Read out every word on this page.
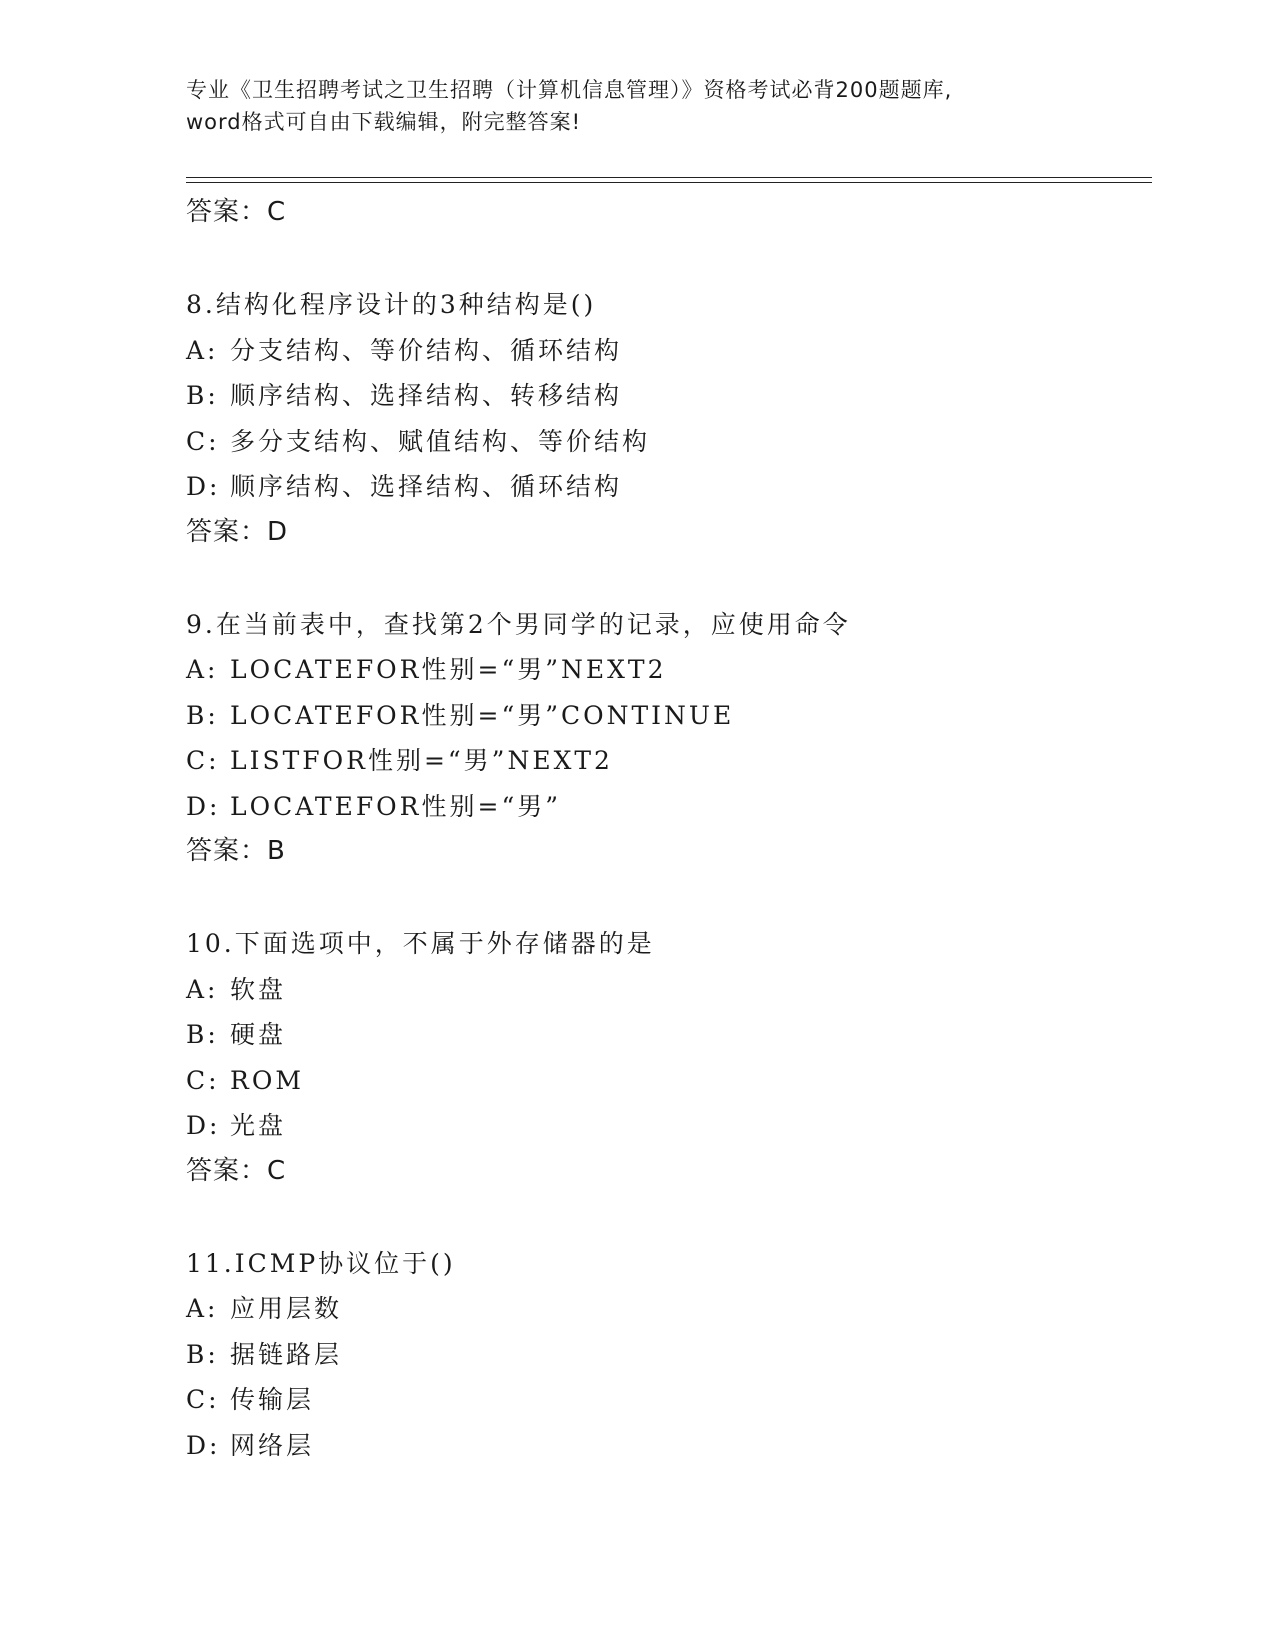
专业《卫生招聘考试之卫生招聘（计算机信息管理）》资格考试必背200题题库,
word格式可自由下载编辑，附完整答案!
答案：C
8.结构化程序设计的3种结构是()
A: 分支结构、等价结构、循环结构
B: 顺序结构、选择结构、转移结构
C: 多分支结构、赋值结构、等价结构
D: 顺序结构、选择结构、循环结构
答案：D
9.在当前表中，查找第2个男同学的记录，应使用命令
A: LOCATEFOR性别=“男”NEXT2
B: LOCATEFOR性别=“男”CONTINUE
C: LISTFOR性别=“男”NEXT2
D: LOCATEFOR性别=“男”
答案：B
10.下面选项中，不属于外存储器的是
A: 软盘
B: 硬盘
C: ROM
D: 光盘
答案：C
11.ICMP协议位于()
A: 应用层数
B: 据链路层
C: 传输层
D: 网络层
